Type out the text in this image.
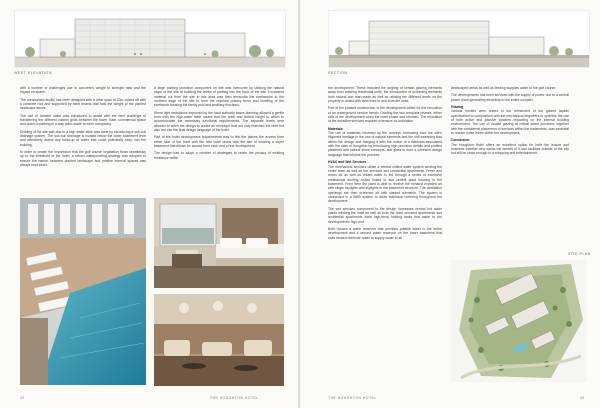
WEST ELEVATION

with a number of challenges due to concrete's weight to strength ratio and the impact on spans.

The constrained facility has been designed with a clear span of 20m closed off with a concrete roof and supported by steel beams that hold the weight of the planted landscape above.

The use of transfer slabs was introduced to assist with the next challenge of transferring the different column grids between the tower hotel, commercial space and down to parking in a way tailor-made to each occupancy.

Dividing of the site was due to a high water table was done by introducing a sub-soil drainage system. The sub-soil drainage is located below the lower basement level and effectively drains any build-up of water that could potentially seep into the building.

In order to create the impression that the golf course vegetation flows seamlessly up to the threshold of the hotel, a robust waterproofing strategy was adopted to ensure the barrier between planted landscape and pristine internal spaces was always kept intact.

A large parking provision component on site was overcome by utilising the natural slope of the site at building the levels of parking into the back of the site. Excavated material cut from the site in this area was then terracotta the earthworks to the northern edge of the site to form the required privacy berm and levelling of the earthwork housing the family pool and ancillary functions.

Shear light restrictions improved by the local authority towns planning allowed a gentle form with the high-water table meant that the hotel and limited height to which to accommodate the necessary functional requirements. The separate levels here allowed to stitch the design to create an envelope that not only matched the brief but also fed into the final design language of the hotel.

Part of the hotel development requirements was to link the places the access from either side of the hotel with the new hotel lawns with the aim of creating a super basement that allows for access from each end of the development.

The design had to adopt a number of strategies to retain the privacy of existing residence within

42	THE HOUGHTON HOTEL
SECTION

the development. These included the angling of certain glazing elements away from existing residential units, the introduction of screening elements both natural and man-made as well as utilising the different levels on the property to assist with view lines to and from the units.

Part of the phased construction of the development called for the relocation of an underground service trench. Dividing the two complete phases, either side of the development when the hotel phase was bitumen. The relocation of the sensitive services required extensive co-ordination.

Materials

The use of materials informed by the concept, borrowing from the site's Highveld heritage in the use of natural elements and the soft sweeping flow within the design and merging it with the notion of a Bauhaus-associated with the start of Houghton by introducing high precision details and profiled plastered and natural stone concepts, and glass to form a cohesive design language that informs the process.

HVAC and Wet Services

The mechanical services utilise a central chilled water system serving the entire hotel as well as the serviced and residential apartments. Fresh and return air as well as chilled water is fed through a series of extensive mechanical ducting routes linked to two central plant housing in the basement. From here the plant is able to receive the exhaust expelled air with single skylights and skylights in the basement structure. The ventilation openings are then screened off with slanted elements. The system is connected to a BMS system to allow individual metering throughout the development.

The wet services component to the design harnesses central hot water plants winding the hotel as well as both the hotel serviced apartments and residential apartments ideal high-temp holding tanks that water to the development's high-end.

Both houses a water reservoir that provides potable water to the entire development and a second water reservoir on the lower basement that uses treated borehole water to supply water to all

landscaped areas as well as feeding supplies water to the golf course.

The developments has been serviced with the supply of power due to a central power plant generating electricity to the entire complex.

Glazing

Various models were tested in the refinement of the glazed façade specification to composition with the mechanical engineers to optimise the use of both active and passive systems impacting on the internal building environment. The use of double glazing at critical street junctions, together with the considered placement of services within the basements, was essential to reduce noise levels within the development.

Conclusion

The Houghton Hotel offers an excellent option for both the leisure and business traveller who wants the benefit of 5-star facilities outside of the city but still be close enough to a shopping and entertainment.

SITE PLAN
THE HOUGHTON HOTEL	43
